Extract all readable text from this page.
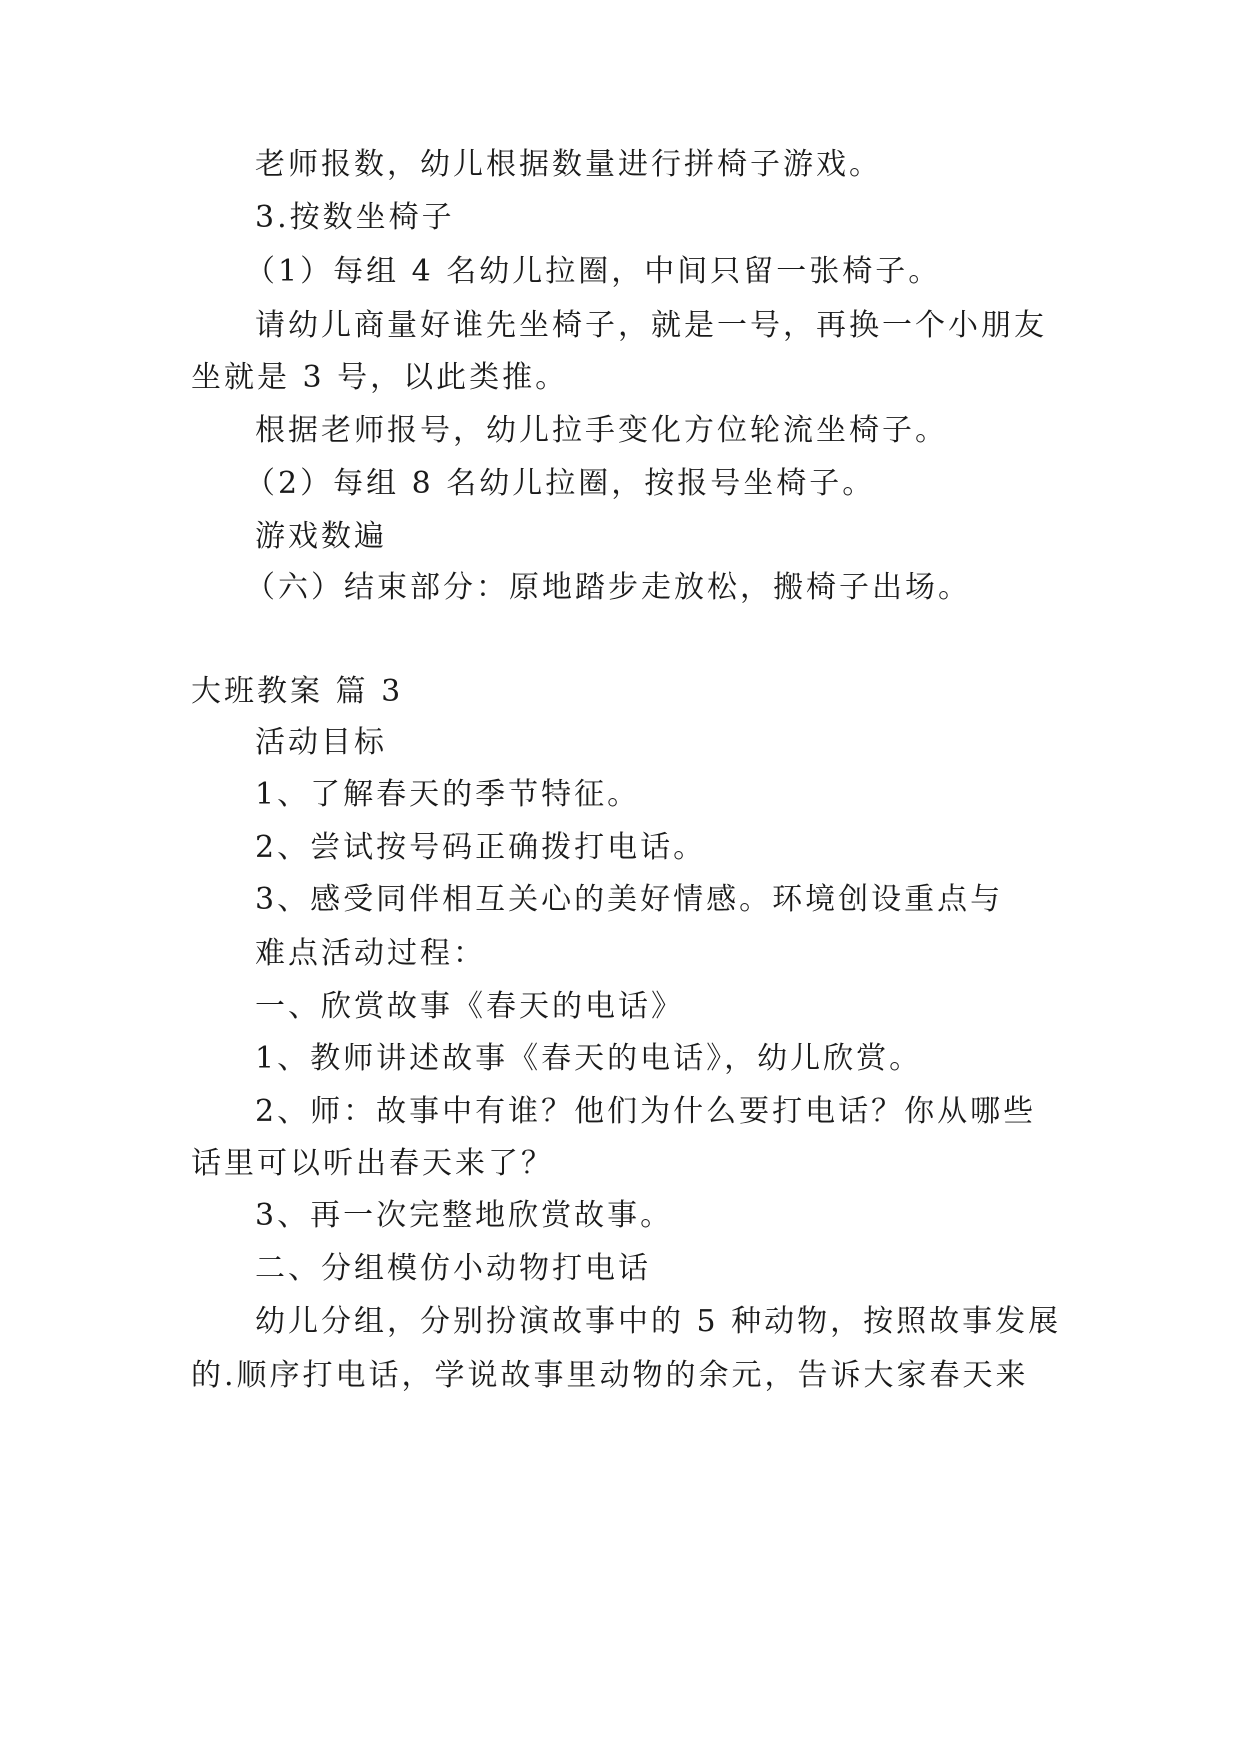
老师报数，幼儿根据数量进行拼椅子游戏。
3.按数坐椅子
（1）每组 4 名幼儿拉圈，中间只留一张椅子。
请幼儿商量好谁先坐椅子，就是一号，再换一个小朋友
坐就是 3 号，以此类推。
根据老师报号，幼儿拉手变化方位轮流坐椅子。
（2）每组 8 名幼儿拉圈，按报号坐椅子。
游戏数遍
（六）结束部分：原地踏步走放松，搬椅子出场。
大班教案 篇 3
活动目标
1、了解春天的季节特征。
2、尝试按号码正确拨打电话。
3、感受同伴相互关心的美好情感。环境创设重点与
难点活动过程：
一、欣赏故事《春天的电话》
1、教师讲述故事《春天的电话》，幼儿欣赏。
2、师：故事中有谁？他们为什么要打电话？你从哪些
话里可以听出春天来了？
3、再一次完整地欣赏故事。
二、分组模仿小动物打电话
幼儿分组，分别扮演故事中的 5 种动物，按照故事发展
的.顺序打电话，学说故事里动物的余元，告诉大家春天来
